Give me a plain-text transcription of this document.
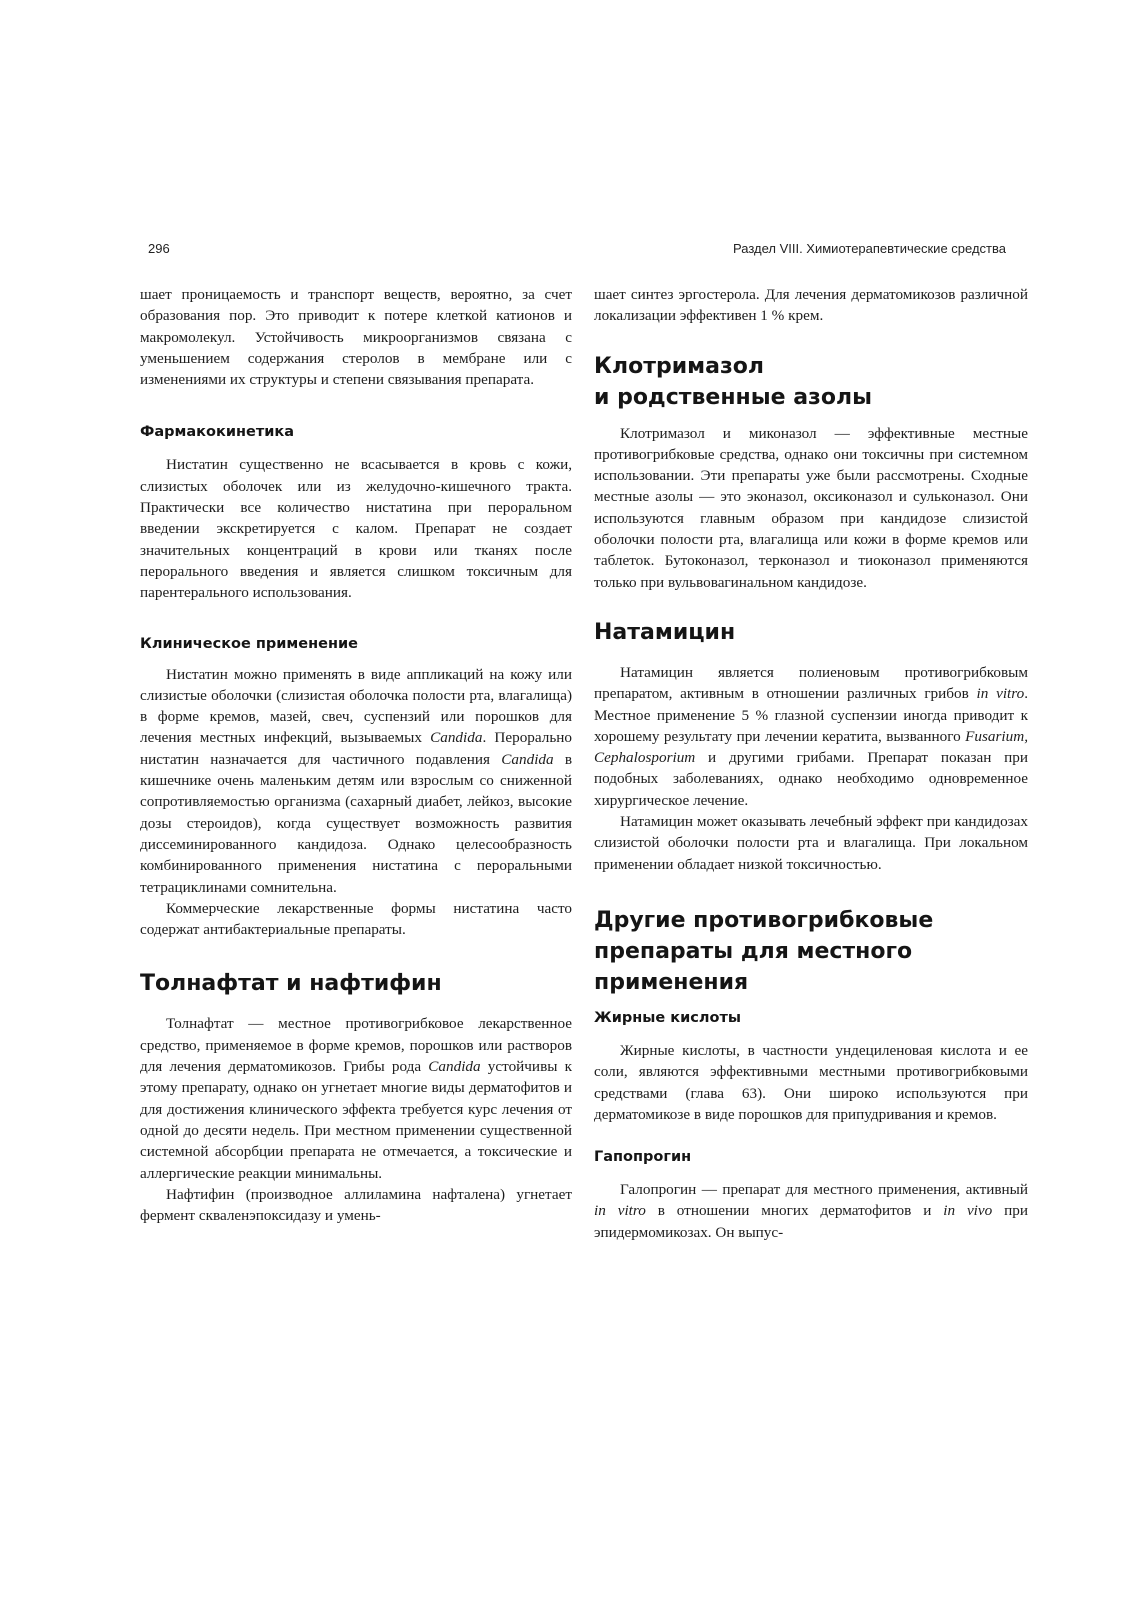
296	Раздел VIII. Химиотерапевтические средства

шает проницаемость и транспорт веществ, вероятно, за счет образования пор. Это приводит к потере клеткой катионов и макромолекул. Устойчивость микроорганизмов связана с уменьшением содержания стеролов в мембране или с изменениями их структуры и степени связывания препарата.

Фармакокинетика

Нистатин существенно не всасывается в кровь с кожи, слизистых оболочек или из желудочно-кишечного тракта. Практически все количество нистатина при пероральном введении экскретируется с калом. Препарат не создает значительных концентраций в крови или тканях после перорального введения и является слишком токсичным для парентерального использования.

Клиническое применение

Нистатин можно применять в виде аппликаций на кожу или слизистые оболочки (слизистая оболочка полости рта, влагалища) в форме кремов, мазей, свеч, суспензий или порошков для лечения местных инфекций, вызываемых Candida. Перорально нистатин назначается для частичного подавления Candida в кишечнике очень маленьким детям или взрослым со сниженной сопротивляемостью организма (сахарный диабет, лейкоз, высокие дозы стероидов), когда существует возможность развития диссеминированного кандидоза. Однако целесообразность комбинированного применения нистатина с пероральными тетрациклинами сомнительна.

Коммерческие лекарственные формы нистатина часто содержат антибактериальные препараты.

Толнафтат и нафтифин

Толнафтат — местное противогрибковое лекарственное средство, применяемое в форме кремов, порошков или растворов для лечения дерматомикозов. Грибы рода Candida устойчивы к этому препарату, однако он угнетает многие виды дерматофитов и для достижения клинического эффекта требуется курс лечения от одной до десяти недель. При местном применении существенной системной абсорбции препарата не отмечается, а токсические и аллергические реакции минимальны.

Нафтифин (производное аллиламина нафталена) угнетает фермент скваленэпоксидазу и умень-

шает синтез эргостерола. Для лечения дерматомикозов различной локализации эффективен 1 % крем.

Клотримазол
и родственные азолы

Клотримазол и миконазол — эффективные местные противогрибковые средства, однако они токсичны при системном использовании. Эти препараты уже были рассмотрены. Сходные местные азолы — это эконазол, оксиконазол и сульконазол. Они используются главным образом при кандидозе слизистой оболочки полости рта, влагалища или кожи в форме кремов или таблеток. Бутоконазол, терконазол и тиоконазол применяются только при вульвовагинальном кандидозе.

Натамицин

Натамицин является полиеновым противогрибковым препаратом, активным в отношении различных грибов in vitro. Местное применение 5 % глазной суспензии иногда приводит к хорошему результату при лечении кератита, вызванного Fusarium, Cephalosporium и другими грибами. Препарат показан при подобных заболеваниях, однако необходимо одновременное хирургическое лечение.

Натамицин может оказывать лечебный эффект при кандидозах слизистой оболочки полости рта и влагалища. При локальном применении обладает низкой токсичностью.

Другие противогрибковые
препараты для местного
применения
Жирные кислоты

Жирные кислоты, в частности ундециленовая кислота и ее соли, являются эффективными местными противогрибковыми средствами (глава 63). Они широко используются при дерматомикозе в виде порошков для припудривания и кремов.

Гапопрогин

Галопрогин — препарат для местного применения, активный in vitro в отношении многих дерматофитов и in vivo при эпидермомикозах. Он выпус-
